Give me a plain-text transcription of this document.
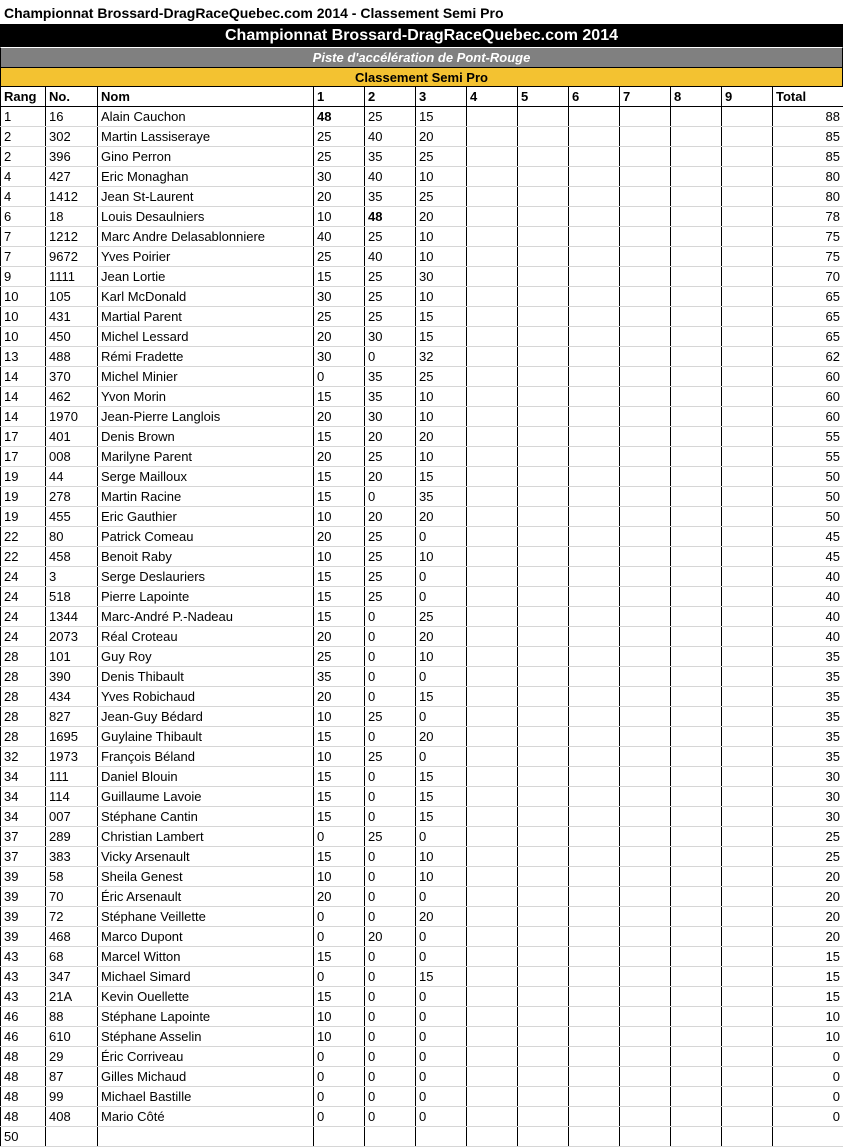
Championnat Brossard-DragRaceQuebec.com 2014 - Classement Semi Pro
Championnat Brossard-DragRaceQuebec.com 2014
Piste d'accélération de Pont-Rouge
Classement Semi Pro
Rang	No.	Nom	1	2	3	4	5	6	7	8	9	Total
1	16	Alain Cauchon	48	25	15							88
2	302	Martin Lassiseraye	25	40	20							85
2	396	Gino Perron	25	35	25							85
4	427	Eric Monaghan	30	40	10							80
4	1412	Jean St-Laurent	20	35	25							80
6	18	Louis Desaulniers	10	48	20							78
7	1212	Marc Andre Delasablonniere	40	25	10							75
7	9672	Yves Poirier	25	40	10							75
9	1111	Jean Lortie	15	25	30							70
10	105	Karl McDonald	30	25	10							65
10	431	Martial Parent	25	25	15							65
10	450	Michel Lessard	20	30	15							65
13	488	Rémi Fradette	30	0	32							62
14	370	Michel Minier	0	35	25							60
14	462	Yvon Morin	15	35	10							60
14	1970	Jean-Pierre Langlois	20	30	10							60
17	401	Denis Brown	15	20	20							55
17	008	Marilyne Parent	20	25	10							55
19	44	Serge Mailloux	15	20	15							50
19	278	Martin Racine	15	0	35							50
19	455	Eric Gauthier	10	20	20							50
22	80	Patrick Comeau	20	25	0							45
22	458	Benoit Raby	10	25	10							45
24	3	Serge Deslauriers	15	25	0							40
24	518	Pierre Lapointe	15	25	0							40
24	1344	Marc-André P.-Nadeau	15	0	25							40
24	2073	Réal Croteau	20	0	20							40
28	101	Guy Roy	25	0	10							35
28	390	Denis Thibault	35	0	0							35
28	434	Yves Robichaud	20	0	15							35
28	827	Jean-Guy Bédard	10	25	0							35
28	1695	Guylaine Thibault	15	0	20							35
32	1973	François Béland	10	25	0							35
34	111	Daniel Blouin	15	0	15							30
34	114	Guillaume Lavoie	15	0	15							30
34	007	Stéphane Cantin	15	0	15							30
37	289	Christian Lambert	0	25	0							25
37	383	Vicky Arsenault	15	0	10							25
39	58	Sheila Genest	10	0	10							20
39	70	Éric Arsenault	20	0	0							20
39	72	Stéphane Veillette	0	0	20							20
39	468	Marco Dupont	0	20	0							20
43	68	Marcel Witton	15	0	0							15
43	347	Michael Simard	0	0	15							15
43	21A	Kevin Ouellette	15	0	0							15
46	88	Stéphane Lapointe	10	0	0							10
46	610	Stéphane Asselin	10	0	0							10
48	29	Éric Corriveau	0	0	0							0
48	87	Gilles Michaud	0	0	0							0
48	99	Michael Bastille	0	0	0							0
48	408	Mario Côté	0	0	0							0
50												
